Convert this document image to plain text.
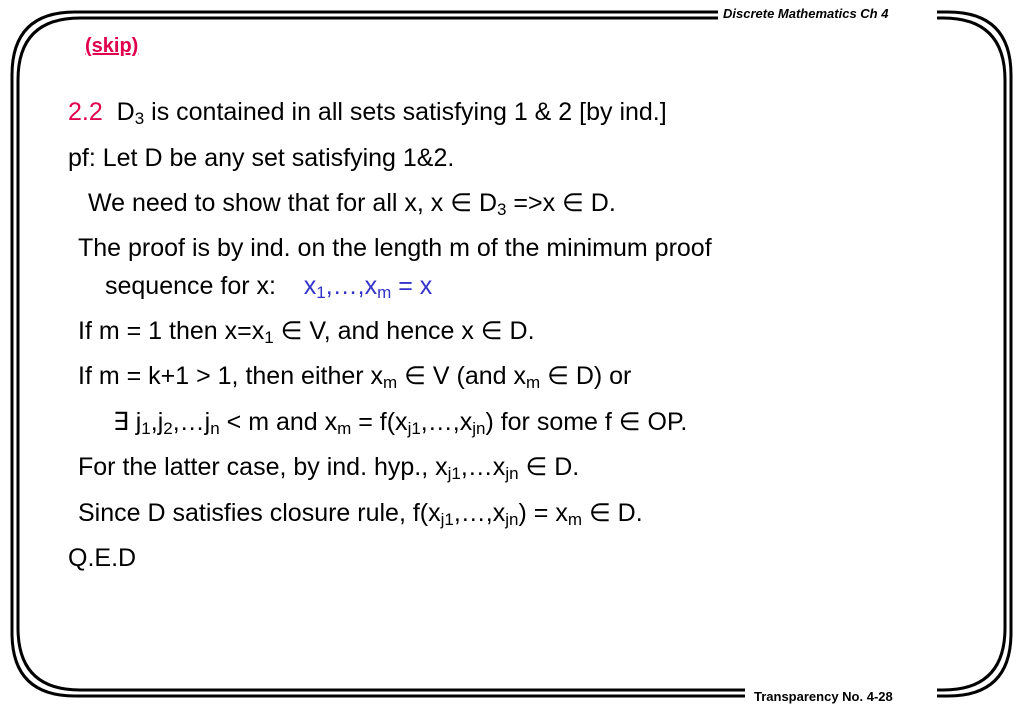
Discrete Mathematics Ch 4
Transparency No. 4-28
(skip)
2.2 $D_3$ is contained in all sets satisfying 1 & 2 [by ind.]
pf: Let D be any set satisfying 1&2.
We need to show that for all x, x ∈ $D_3 =>x$ ∈ D.
The proof is by ind. on the length m of the minimum proof
sequence for x: $x_1,\dots,x_m = x$
If m = 1 then $x=x_1$ ∈ V, and hence x ∈ D.
If m = k+1 > 1, then either $x_m$ ∈ V (and $x_m$ ∈ D) or
∃ $j_1,j_2,\dots j_n < m$ and $x_m$ = $f(x_{j1},\dots,x_{jn})$ for some f ∈ OP.
For the latter case, by ind. hyp., $x_{j1},\dots x_{jn}$ ∈ D.
Since D satisfies closure rule, $f(x_{j1},\dots,x_{jn}) = x_m$ ∈ D.
Q.E.D
